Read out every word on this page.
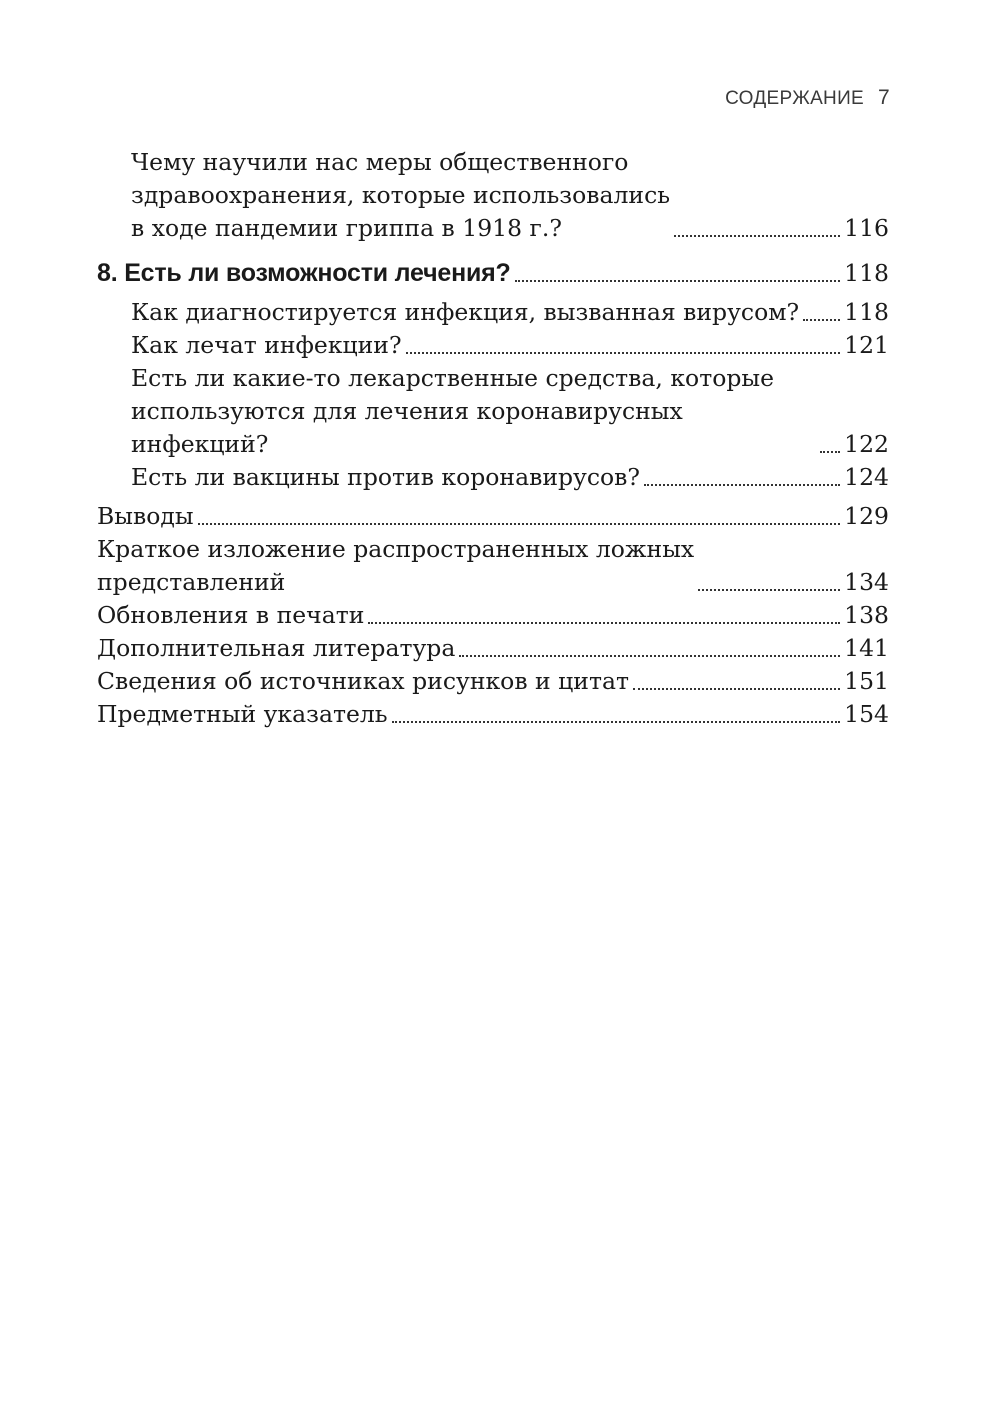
СОДЕРЖАНИЕ 7
Чему научили нас меры общественного
здравоохранения, которые использовались
в ходе пандемии гриппа в 1918 г.?	116
8. Есть ли возможности лечения?	118
Как диагностируется инфекция, вызванная вирусом? 118
Как лечат инфекции?	121
Есть ли какие-то лекарственные средства, которые
используются для лечения коронавирусных инфекций?	122
Есть ли вакцины против коронавирусов?	124
Выводы	129
Краткое изложение распространенных ложных
представлений	134
Обновления в печати	138
Дополнительная литература	141
Сведения об источниках рисунков и цитат	151
Предметный указатель	154
